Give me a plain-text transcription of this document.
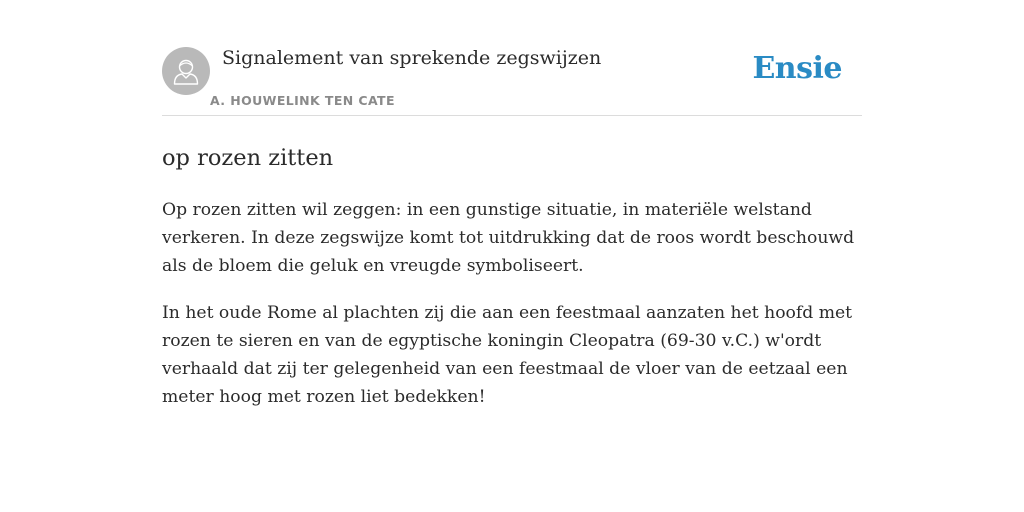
Signalement van sprekende zegswijzen
A. HOUWELINK TEN CATE
Ensie
op rozen zitten

Op rozen zitten wil zeggen: in een gunstige situatie, in materiële welstand verkeren. In deze zegswijze komt tot uitdrukking dat de roos wordt beschouwd als de bloem die geluk en vreugde symboliseert.

In het oude Rome al plachten zij die aan een feestmaal aanzaten het hoofd met rozen te sieren en van de egyptische koningin Cleopatra (69-30 v.C.) w'ordt verhaald dat zij ter gelegenheid van een feestmaal de vloer van de eetzaal een meter hoog met rozen liet bedekken!
